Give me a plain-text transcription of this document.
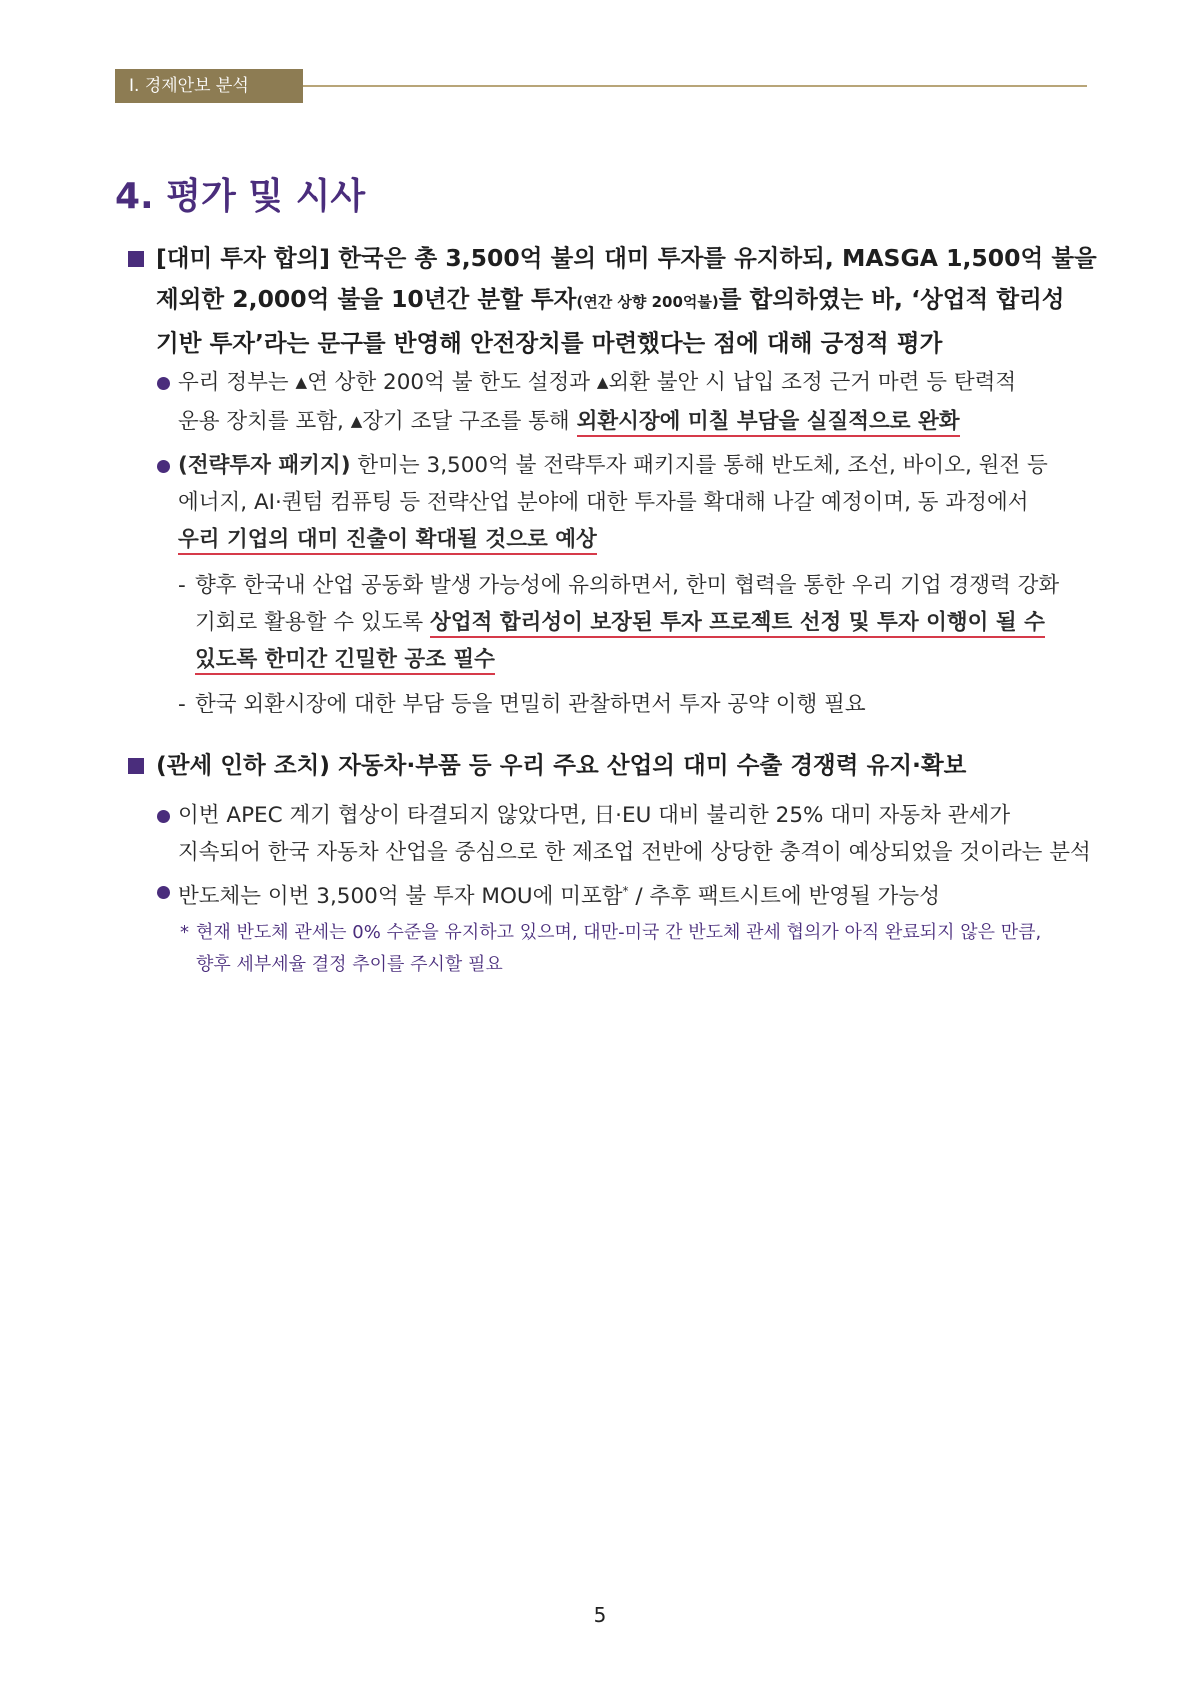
Ⅰ. 경제안보 분석
4. 평가 및 시사
[대미 투자 합의] 한국은 총 3,500억 불의 대미 투자를 유지하되, MASGA 1,500억 불을
제외한 2,000억 불을 10년간 분할 투자(연간 상향 200억불)를 합의하였는 바, ‘상업적 합리성
기반 투자’라는 문구를 반영해 안전장치를 마련했다는 점에 대해 긍정적 평가
우리 정부는 ▲연 상한 200억 불 한도 설정과 ▲외환 불안 시 납입 조정 근거 마련 등 탄력적
운용 장치를 포함, ▲장기 조달 구조를 통해 외환시장에 미칠 부담을 실질적으로 완화
(전략투자 패키지) 한미는 3,500억 불 전략투자 패키지를 통해 반도체, 조선, 바이오, 원전 등
에너지, AI·퀀텀 컴퓨팅 등 전략산업 분야에 대한 투자를 확대해 나갈 예정이며, 동 과정에서
우리 기업의 대미 진출이 확대될 것으로 예상
- 향후 한국내 산업 공동화 발생 가능성에 유의하면서, 한미 협력을 통한 우리 기업 경쟁력 강화
기회로 활용할 수 있도록 상업적 합리성이 보장된 투자 프로젝트 선정 및 투자 이행이 될 수
있도록 한미간 긴밀한 공조 필수
- 한국 외환시장에 대한 부담 등을 면밀히 관찰하면서 투자 공약 이행 필요
(관세 인하 조치) 자동차·부품 등 우리 주요 산업의 대미 수출 경쟁력 유지·확보
이번 APEC 계기 협상이 타결되지 않았다면, 日·EU 대비 불리한 25% 대미 자동차 관세가
지속되어 한국 자동차 산업을 중심으로 한 제조업 전반에 상당한 충격이 예상되었을 것이라는 분석
반도체는 이번 3,500억 불 투자 MOU에 미포함* / 추후 팩트시트에 반영될 가능성
* 현재 반도체 관세는 0% 수준을 유지하고 있으며, 대만-미국 간 반도체 관세 협의가 아직 완료되지 않은 만큼,
향후 세부세율 결정 추이를 주시할 필요
5
